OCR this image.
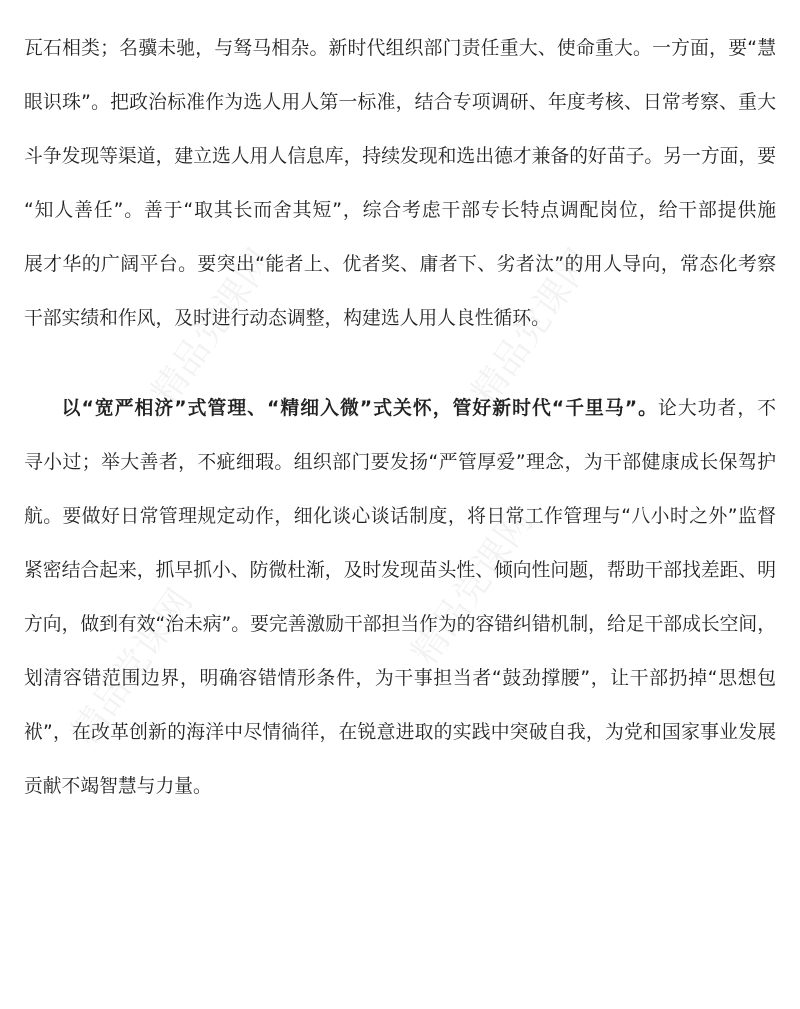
精品党课网	精品党课网
精品党课网	精品党课网
瓦石相类；名骥未驰，与驽马相杂。新时代组织部门责任重大、使命重大。一方面，要“慧
眼识珠”。把政治标准作为选人用人第一标准，结合专项调研、年度考核、日常考察、重大
斗争发现等渠道，建立选人用人信息库，持续发现和选出德才兼备的好苗子。另一方面，要
“知人善任”。善于“取其长而舍其短”，综合考虑干部专长特点调配岗位，给干部提供施
展才华的广阔平台。要突出“能者上、优者奖、庸者下、劣者汰”的用人导向，常态化考察
干部实绩和作风，及时进行动态调整，构建选人用人良性循环。
以“宽严相济”式管理、“精细入微”式关怀，管好新时代“千里马”。论大功者，不
寻小过；举大善者，不疵细瑕。组织部门要发扬“严管厚爱”理念，为干部健康成长保驾护
航。要做好日常管理规定动作，细化谈心谈话制度，将日常工作管理与“八小时之外”监督
紧密结合起来，抓早抓小、防微杜渐，及时发现苗头性、倾向性问题，帮助干部找差距、明
方向，做到有效“治未病”。要完善激励干部担当作为的容错纠错机制，给足干部成长空间，
划清容错范围边界，明确容错情形条件，为干事担当者“鼓劲撑腰”，让干部扔掉“思想包
袱”，在改革创新的海洋中尽情徜徉，在锐意进取的实践中突破自我，为党和国家事业发展
贡献不竭智慧与力量。
